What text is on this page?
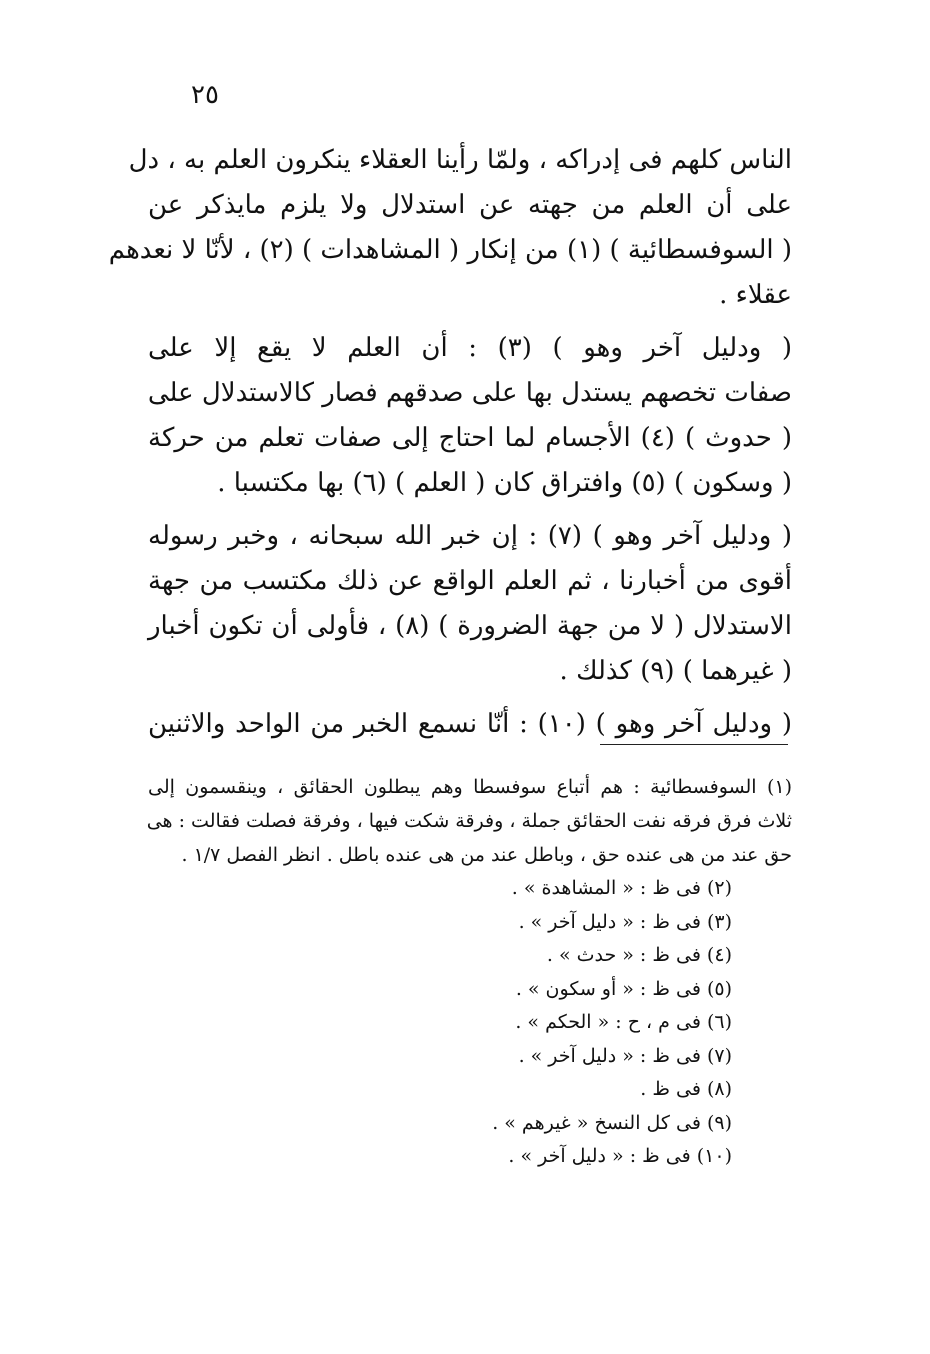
٢٥
الناس كلهم فى إدراكه ، ولمّا رأينا العقلاء ينكرون العلم به ، دل
على أن العلم من جهته عن استدلال ولا يلزم مايذكر عن
( السوفسطائية ) (١) من إنكار ( المشاهدات ) (٢) ، لأنّا لا نعدهم
عقلاء .
( ودليل آخر وهو ) (٣) : أن العلم لا يقع إلا على
صفات تخصهم يستدل بها على صدقهم فصار كالاستدلال على
( حدوث ) (٤) الأجسام لما احتاج إلى صفات تعلم من حركة
( وسكون ) (٥) وافتراق كان ( العلم ) (٦) بها مكتسبا .
( ودليل آخر وهو ) (٧) : إن خبر الله سبحانه ، وخبر رسوله
أقوى من أخبارنا ، ثم العلم الواقع عن ذلك مكتسب من جهة
الاستدلال ( لا من جهة الضرورة ) (٨) ، فأولى أن تكون أخبار
( غيرهما ) (٩) كذلك .
( ودليل آخر وهو ) (١٠) : أنّا نسمع الخبر من الواحد والاثنين
(١) السوفسطائية : هم أتباع سوفسطا وهم يبطلون الحقائق ، وينقسمون إلى
ثلاث فرق فرقه نفت الحقائق جملة ، وفرقة شكت فيها ، وفرقة فصلت فقالت : هى
حق عند من هى عنده حق ، وباطل عند من هى عنده باطل . انظر الفصل ١/٧ .
(٢) فى ظ : « المشاهدة » .
(٣) فى ظ : « دليل آخر » .
(٤) فى ظ : « حدث » .
(٥) فى ظ : « أو سكون » .
(٦) فى م ، ح : « الحكم » .
(٧) فى ظ : « دليل آخر » .
(٨) فى ظ .
(٩) فى كل النسخ « غيرهم » .
(١٠) فى ظ : « دليل آخر » .
